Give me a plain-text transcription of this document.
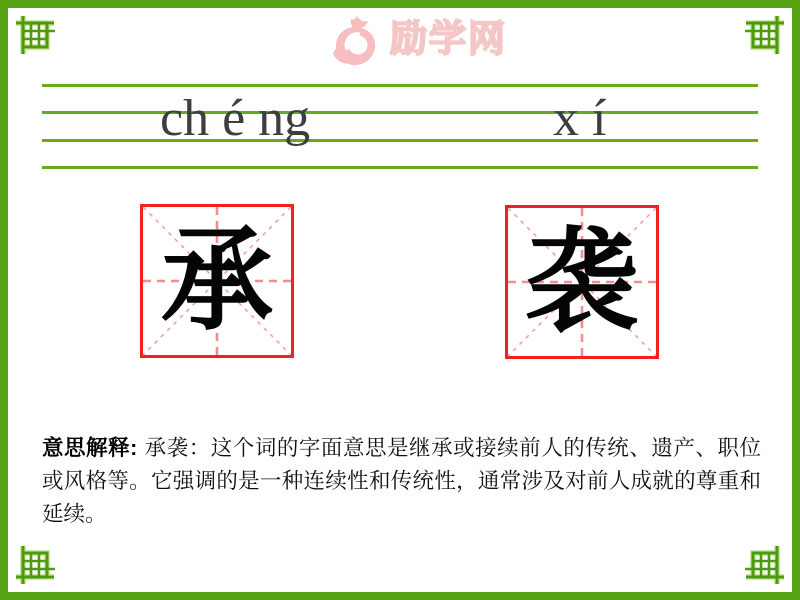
励学网
ch é ng	x í
承 袭

意思解释: 承袭：这个词的字面意思是继承或接续前人的传统、遗产、职位或风格等。它强调的是一种连续性和传统性，通常涉及对前人成就的尊重和延续。
